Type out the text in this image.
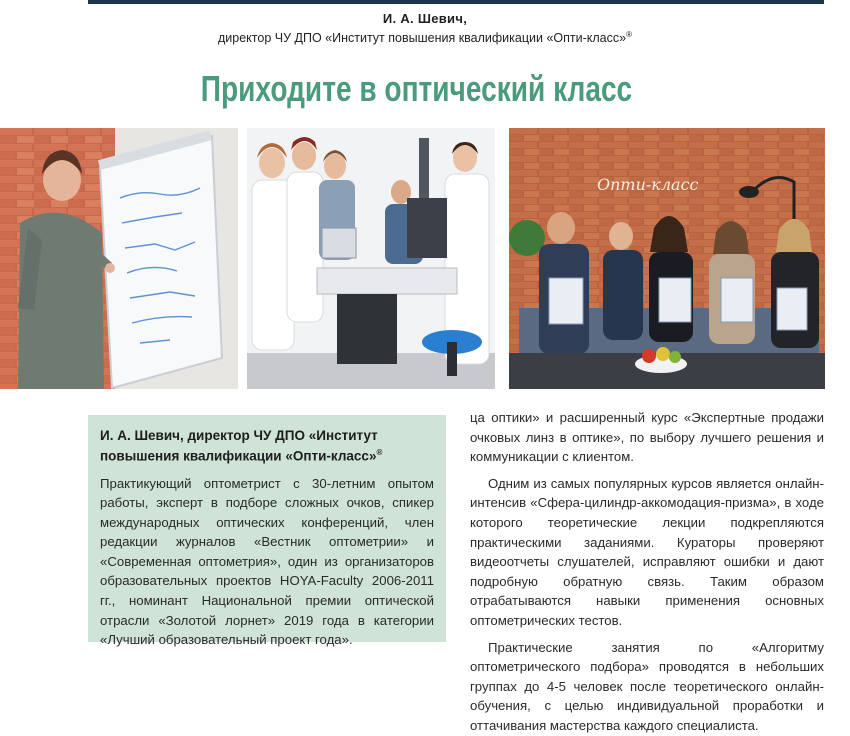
И. А. Шевич,
директор ЧУ ДПО «Институт повышения квалификации «Опти-класс»®
Приходите в оптический класс
Опти-класс
И. А. Шевич, директор ЧУ ДПО «Институт повышения квалификации «Опти-класс»®
Практикующий оптометрист с 30-летним опытом работы, эксперт в подборе сложных очков, спикер международных оптических конференций, член редакции журналов «Вестник оптометрии» и «Современная оптометрия», один из организаторов образовательных проектов HOYA-Faculty 2006-2011 гг., номинант Национальной премии оптической отрасли «Золотой лорнет» 2019 года в категории «Лучший образовательный проект года».

ца оптики» и расширенный курс «Экспертные продажи очковых линз в оптике», по выбору лучшего решения и коммуникации с клиентом.

Одним из самых популярных курсов является онлайн-интенсив «Сфера-цилиндр-аккомодация-призма», в ходе которого теоретические лекции подкрепляются практическими заданиями. Кураторы проверяют видеоотчеты слушателей, исправляют ошибки и дают подробную обратную связь. Таким образом отрабатываются навыки применения основных оптометрических тестов.

Практические занятия по «Алгоритму оптометрического подбора» проводятся в небольших группах до 4-5 человек после теоретического онлайн-обучения, с целью индивидуальной проработки и оттачивания мастерства каждого специалиста.
